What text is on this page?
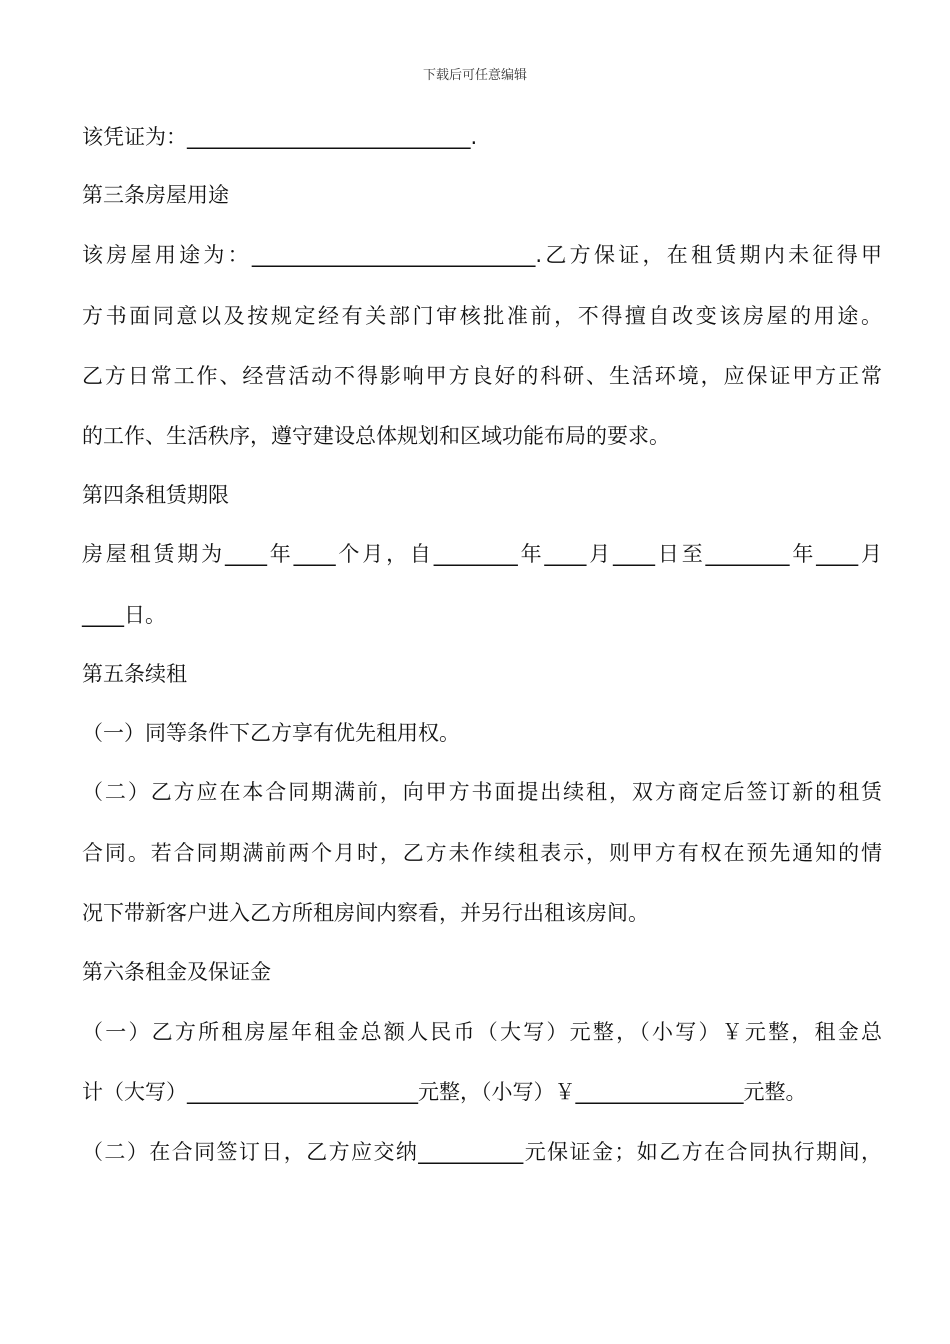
下载后可任意编辑
该凭证为：___________________________.
第三条房屋用途
该房屋用途为：___________________________.乙方保证，在租赁期内未征得甲
方书面同意以及按规定经有关部门审核批准前，不得擅自改变该房屋的用途。
乙方日常工作、经营活动不得影响甲方良好的科研、生活环境，应保证甲方正常
的工作、生活秩序，遵守建设总体规划和区域功能布局的要求。
第四条租赁期限
房屋租赁期为____年____个月，自________年____月____日至________年____月
____日。
第五条续租
（一）同等条件下乙方享有优先租用权。
（二）乙方应在本合同期满前，向甲方书面提出续租，双方商定后签订新的租赁
合同。若合同期满前两个月时，乙方未作续租表示，则甲方有权在预先通知的情
况下带新客户进入乙方所租房间内察看，并另行出租该房间。
第六条租金及保证金
（一）乙方所租房屋年租金总额人民币（大写）元整，（小写）￥元整，租金总
计（大写）______________________元整，（小写）￥________________元整。
（二）在合同签订日，乙方应交纳__________元保证金；如乙方在合同执行期间，
